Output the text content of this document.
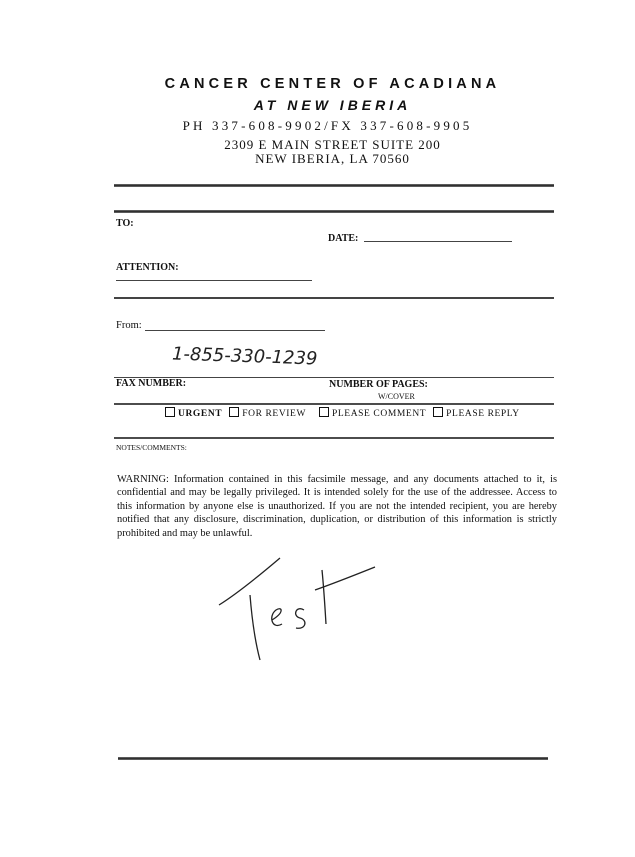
CANCER CENTER OF ACADIANA
AT NEW IBERIA
PH 337-608-9902/FX 337-608-9905
2309 E MAIN STREET SUITE 200
NEW IBERIA, LA 70560
TO:
DATE:
ATTENTION:
From:
1-855-330-1239
FAX NUMBER:	NUMBER OF PAGES:
W/COVER
URGENT FOR REVIEW	PLEASE COMMENT PLEASE REPLY
NOTES/COMMENTS:
WARNING: Information contained in this facsimile message, and any documents attached to it, is confidential and may be legally privileged. It is intended solely for the use of the addressee. Access to this information by anyone else is unauthorized. If you are not the intended recipient, you are hereby notified that any disclosure, discrimination, duplication, or distribution of this information is strictly prohibited and may be unlawful.
